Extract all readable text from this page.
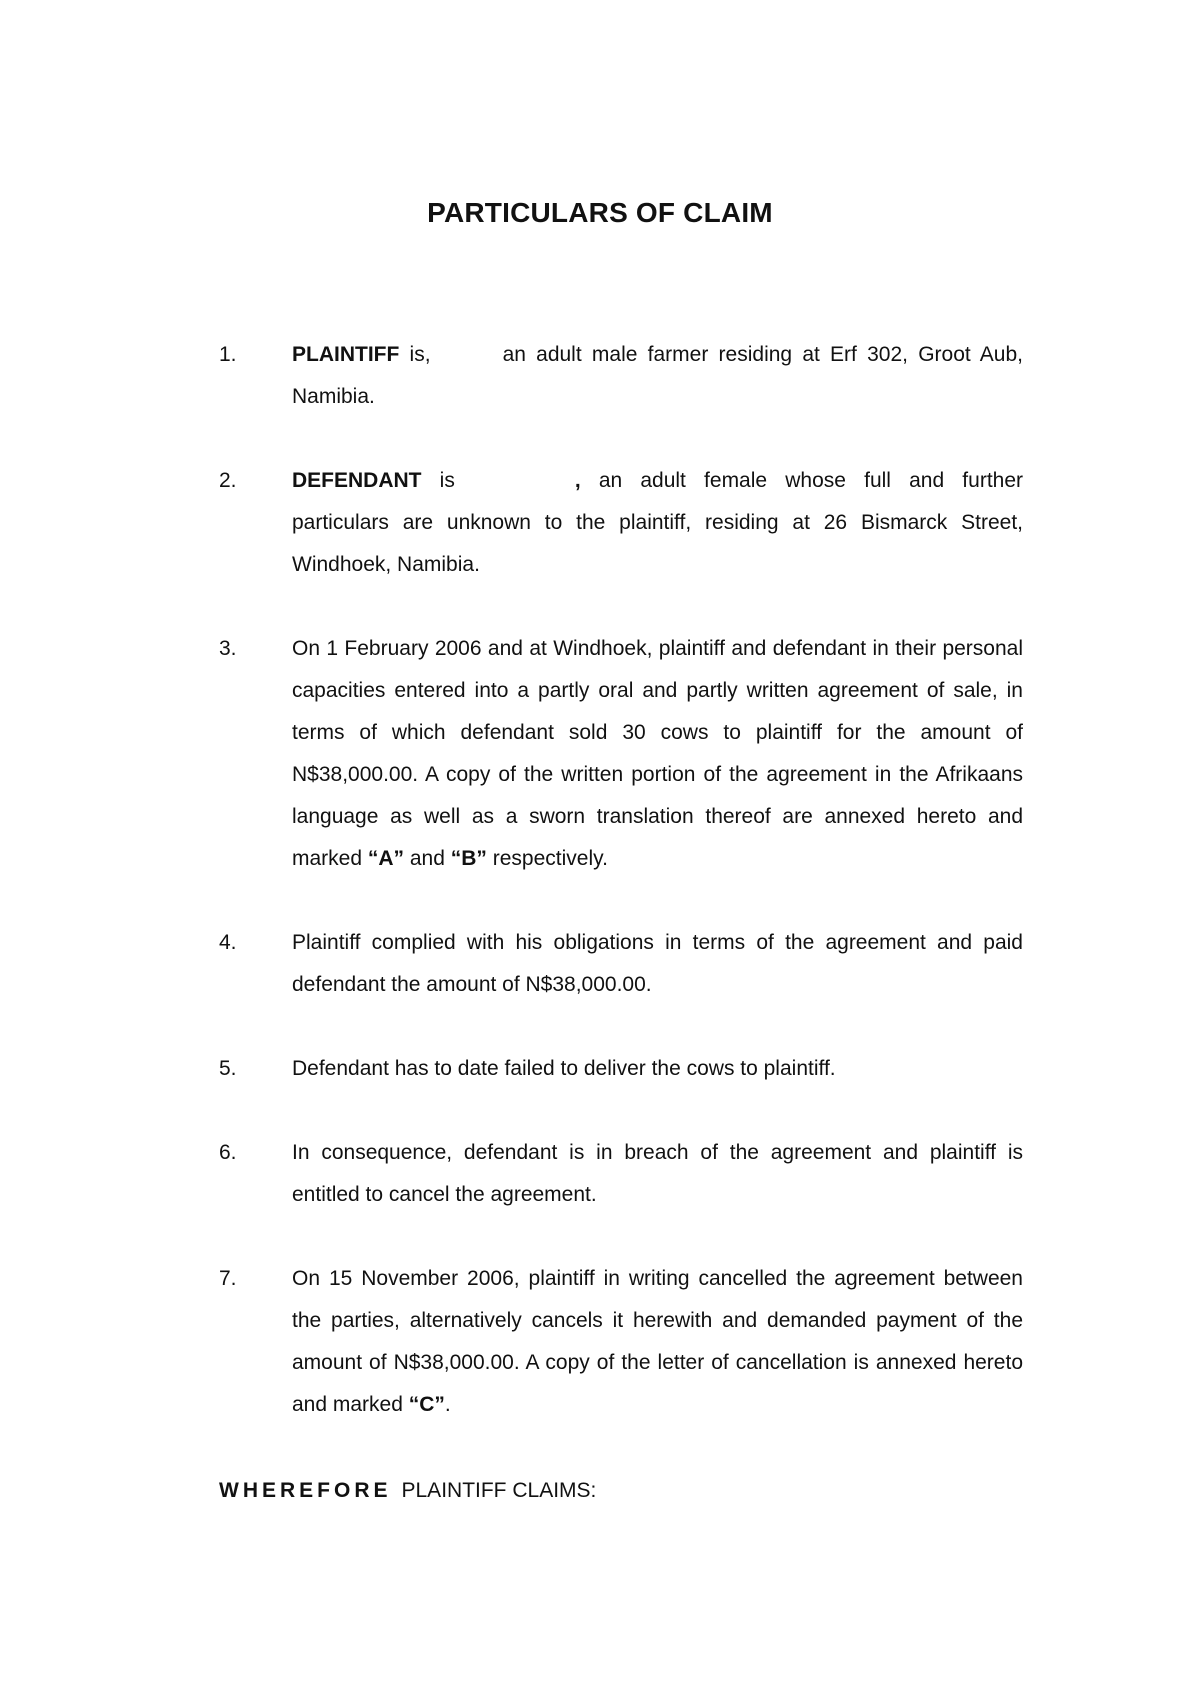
PARTICULARS OF CLAIM
1.	PLAINTIFF is,	an adult male farmer residing at Erf 302, Groot Aub, Namibia.

2.	DEFENDANT is	, an adult female whose full and further particulars are unknown to the plaintiff, residing at 26 Bismarck Street, Windhoek, Namibia.

3.	On 1 February 2006 and at Windhoek, plaintiff and defendant in their personal capacities entered into a partly oral and partly written agreement of sale, in terms of which defendant sold 30 cows to plaintiff for the amount of N$38,000.00. A copy of the written portion of the agreement in the Afrikaans language as well as a sworn translation thereof are annexed hereto and marked “A” and “B” respectively.

4.	Plaintiff complied with his obligations in terms of the agreement and paid defendant the amount of N$38,000.00.

5.	Defendant has to date failed to deliver the cows to plaintiff.

6.	In consequence, defendant is in breach of the agreement and plaintiff is entitled to cancel the agreement.

7.	On 15 November 2006, plaintiff in writing cancelled the agreement between the parties, alternatively cancels it herewith and demanded payment of the amount of N$38,000.00. A copy of the letter of cancellation is annexed hereto and marked “C”.

WHEREFORE PLAINTIFF CLAIMS:
